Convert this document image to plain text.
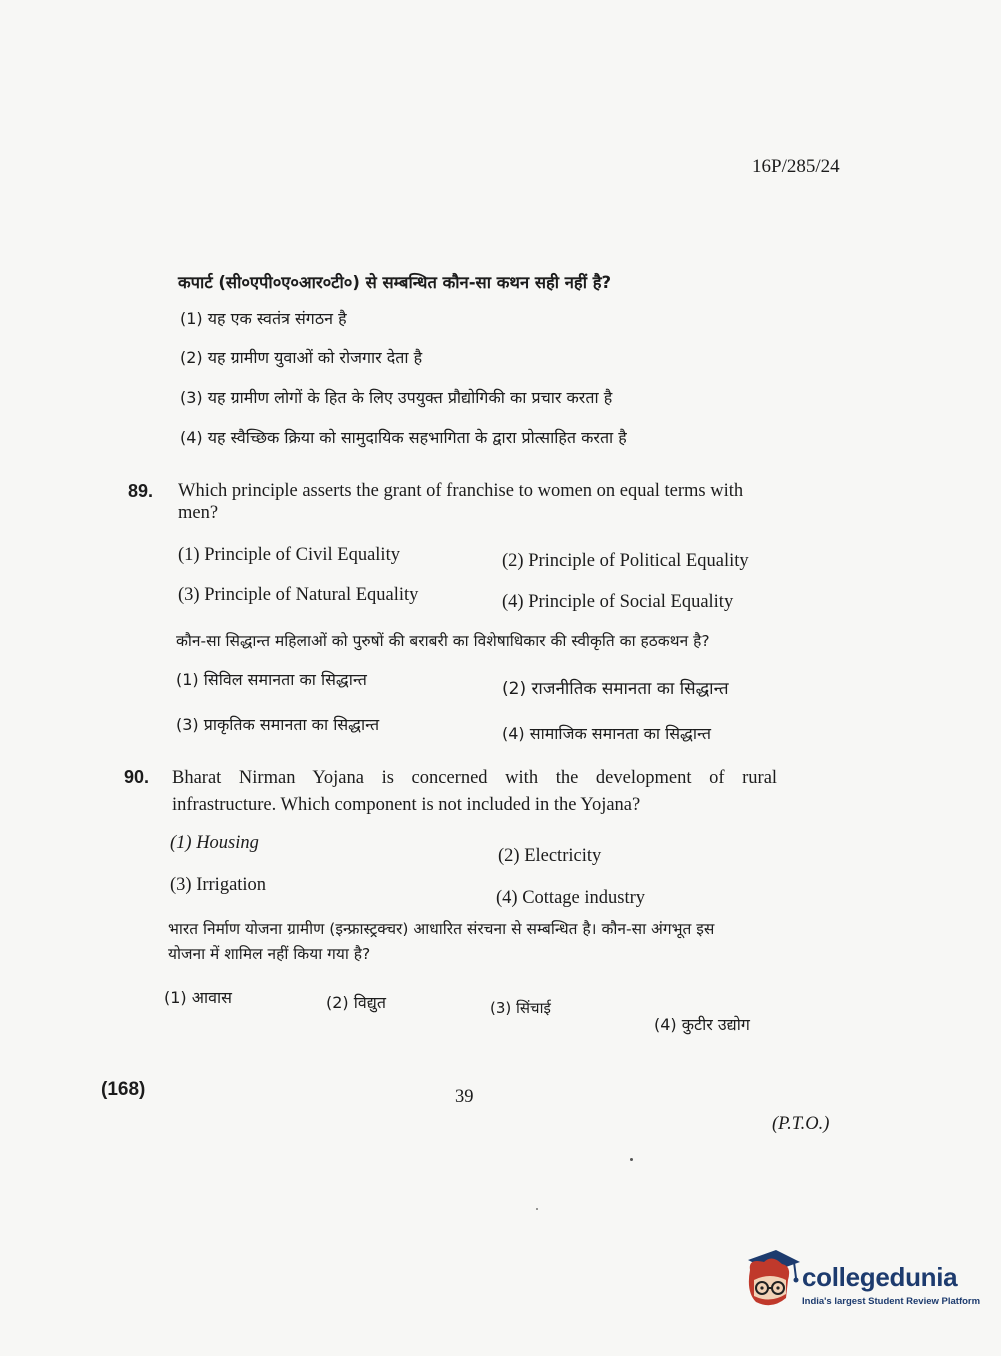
16P/285/24
कपार्ट (सी०एपी०ए०आर०टी०) से सम्बन्धित कौन-सा कथन सही नहीं है?
(1) यह एक स्वतंत्र संगठन है
(2) यह ग्रामीण युवाओं को रोजगार देता है
(3) यह ग्रामीण लोगों के हित के लिए उपयुक्त प्रौद्योगिकी का प्रचार करता है
(4) यह स्वैच्छिक क्रिया को सामुदायिक सहभागिता के द्वारा प्रोत्साहित करता है
89. Which principle asserts the grant of franchise to women on equal terms with
men?
(1) Principle of Civil Equality	(2) Principle of Political Equality
(3) Principle of Natural Equality	(4) Principle of Social Equality
कौन-सा सिद्धान्त महिलाओं को पुरुषों की बराबरी का विशेषाधिकार की स्वीकृति का हठकथन है?
(1) सिविल समानता का सिद्धान्त	(2) राजनीतिक समानता का सिद्धान्त
(3) प्राकृतिक समानता का सिद्धान्त	(4) सामाजिक समानता का सिद्धान्त
90. Bharat Nirman Yojana is concerned with the development of rural
infrastructure. Which component is not included in the Yojana?
(1) Housing
(2) Electricity
(3) Irrigation
(4) Cottage industry
भारत निर्माण योजना ग्रामीण (इन्फ्रास्ट्रक्चर) आधारित संरचना से सम्बन्धित है। कौन-सा अंगभूत इस
योजना में शामिल नहीं किया गया है?
(1) आवास	(2) विद्युत	(3) सिंचाई
(4) कुटीर उद्योग
(168)	39
(P.T.O.)
collegedunia
India's largest Student Review Platform
